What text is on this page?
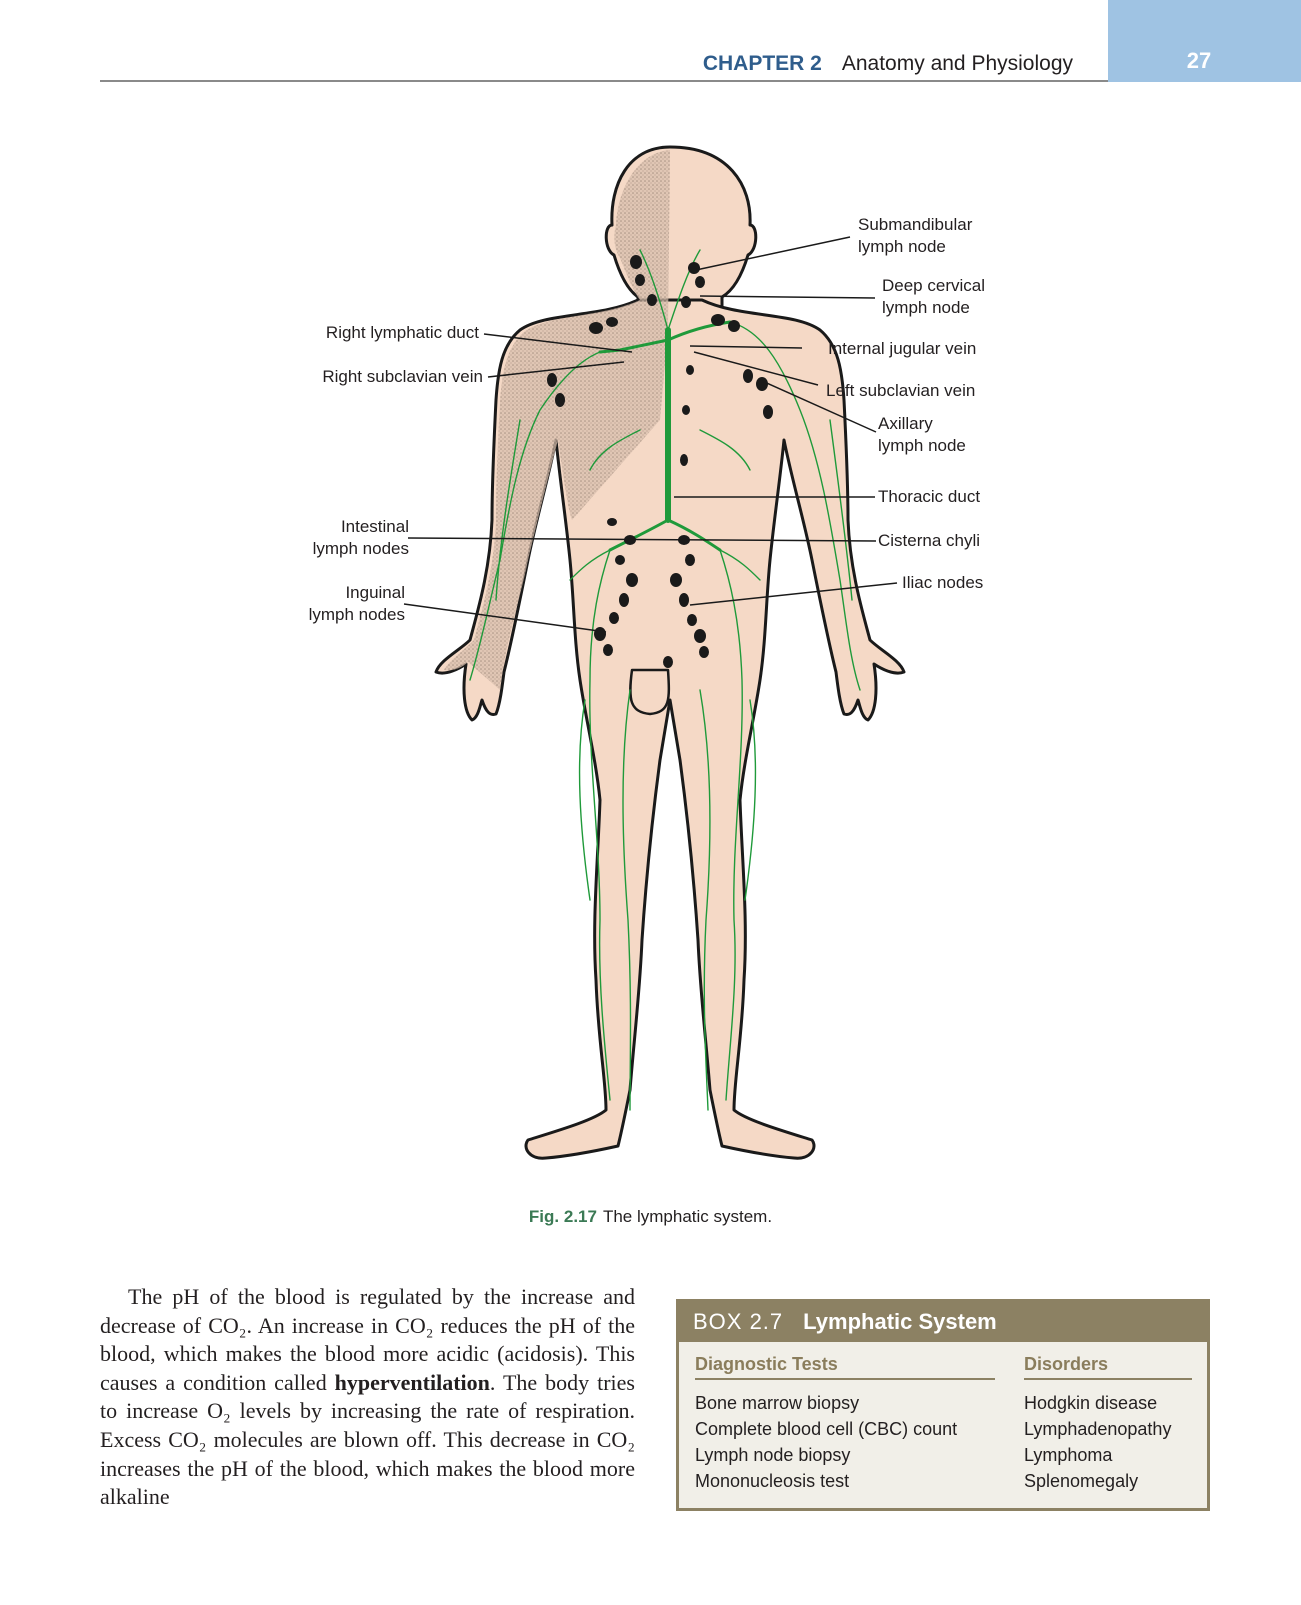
27
CHAPTER 2 Anatomy and Physiology
Submandibular
lymph node
Deep cervical
lymph node
Right lymphatic duct
Internal jugular vein
Right subclavian vein
Left subclavian vein
Axillary
lymph node
Thoracic duct
Intestinal
lymph nodes	Cisterna chyli
Iliac nodes
Inguinal
lymph nodes
Fig. 2.17 The lymphatic system.
The pH of the blood is regulated by the increase and decrease of CO₂. An increase in CO₂ reduces the pH of the blood, which makes the blood more acidic (acidosis). This causes a condition called hyperventilation. The body tries to increase O₂ levels by increasing the rate of respiration. Excess CO₂ molecules are blown off. This decrease in CO₂ increases the pH of the blood, which makes the blood more alkaline
BOX 2.7 Lymphatic System
Diagnostic Tests
Bone marrow biopsy
Complete blood cell (CBC) count
Lymph node biopsy
Mononucleosis test
Disorders
Hodgkin disease
Lymphadenopathy
Lymphoma
Splenomegaly
